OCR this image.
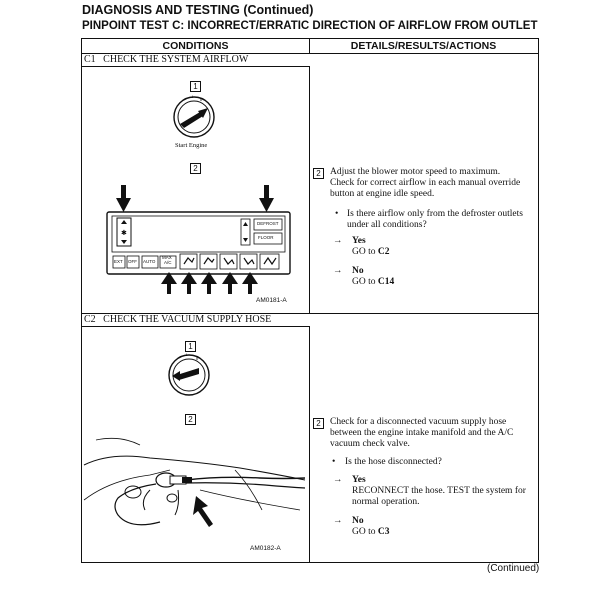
DIAGNOSIS AND TESTING (Continued)
PINPOINT TEST C: INCORRECT/ERRATIC DIRECTION OF AIRFLOW FROM OUTLET
CONDITIONS	DETAILS/RESULTS/ACTIONS
C1 CHECK THE SYSTEM AIRFLOW
C2 CHECK THE VACUUM SUPPLY HOSE
1
I
II
Start Engine
2
✱
DEFROST
FLOOR
EXT OFF AUTO
MAX
A/C
AM0181-A
2 Adjust the blower motor speed to maximum.
Check for correct airflow in each manual override
button at engine idle speed.
• Is there airflow only from the defroster outlets
under all conditions?
→ Yes
GO to C2
→ No
GO to C14
1
I
II
2
AM0182-A
2 Check for a disconnected vacuum supply hose
between the engine intake manifold and the A/C
vacuum check valve.
• Is the hose disconnected?
→ Yes
RECONNECT the hose. TEST the system for
normal operation.
→ No
GO to C3
(Continued)
